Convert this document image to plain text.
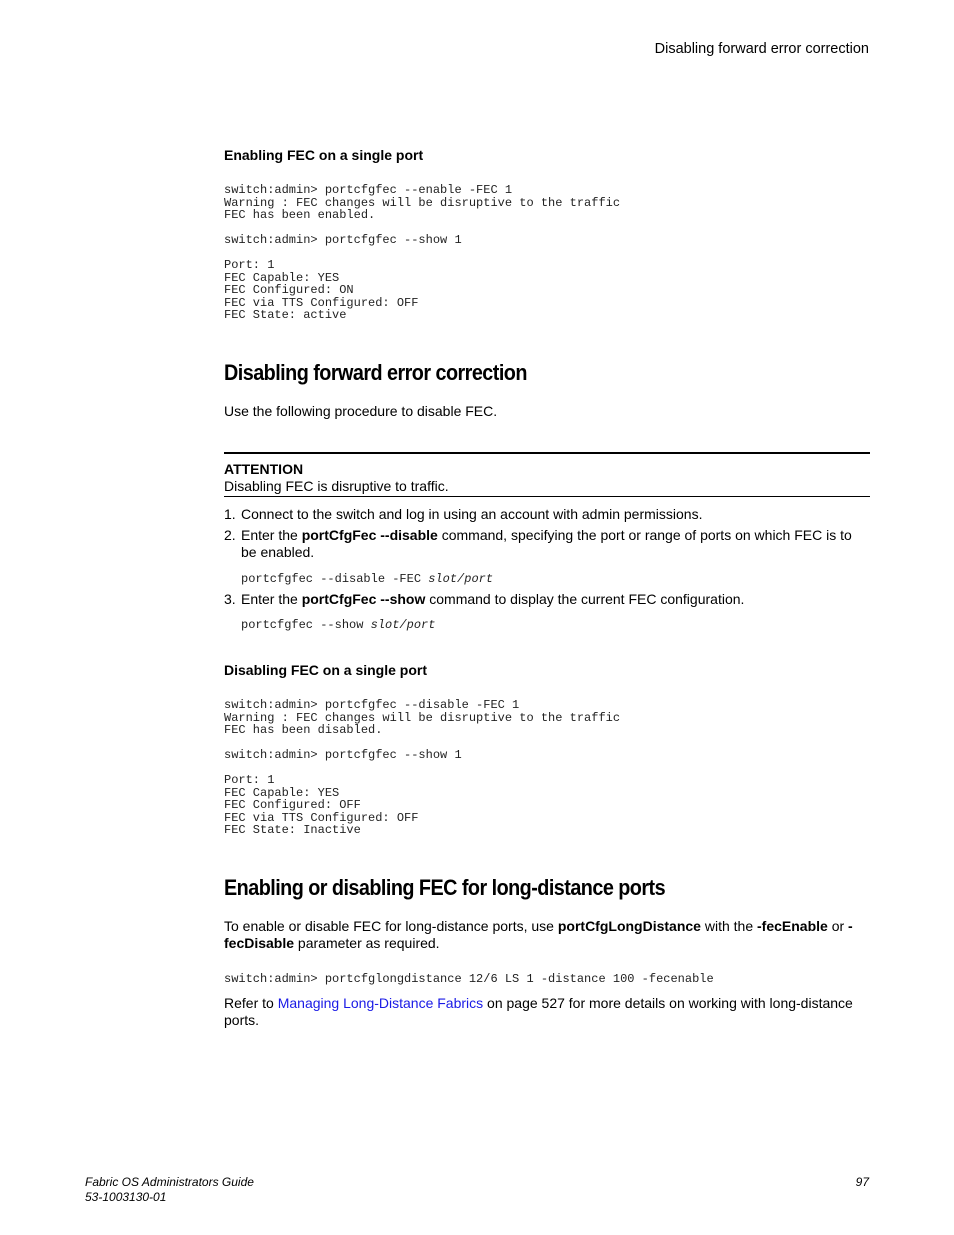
Disabling forward error correction
Enabling FEC on a single port
switch:admin> portcfgfec --enable -FEC 1
Warning : FEC changes will be disruptive to the traffic
FEC has been enabled.

switch:admin> portcfgfec --show 1

Port: 1
FEC Capable: YES
FEC Configured: ON
FEC via TTS Configured: OFF
FEC State: active
Disabling forward error correction
Use the following procedure to disable FEC.
ATTENTION
Disabling FEC is disruptive to traffic.
1. Connect to the switch and log in using an account with admin permissions.
2. Enter the portCfgFec --disable command, specifying the port or range of ports on which FEC is to be enabled.
3. Enter the portCfgFec --show command to display the current FEC configuration.
portcfgfec --disable -FEC slot/port
portcfgfec --show slot/port
Disabling FEC on a single port
switch:admin> portcfgfec --disable -FEC 1
Warning : FEC changes will be disruptive to the traffic
FEC has been disabled.

switch:admin> portcfgfec --show 1

Port: 1
FEC Capable: YES
FEC Configured: OFF
FEC via TTS Configured: OFF
FEC State: Inactive
Enabling or disabling FEC for long-distance ports
To enable or disable FEC for long-distance ports, use portCfgLongDistance with the -fecEnable or -fecDisable parameter as required.
switch:admin> portcfglongdistance 12/6 LS 1 -distance 100 -fecenable
Refer to Managing Long-Distance Fabrics on page 527 for more details on working with long-distance ports.
Fabric OS Administrators Guide
53-1003130-01
97
